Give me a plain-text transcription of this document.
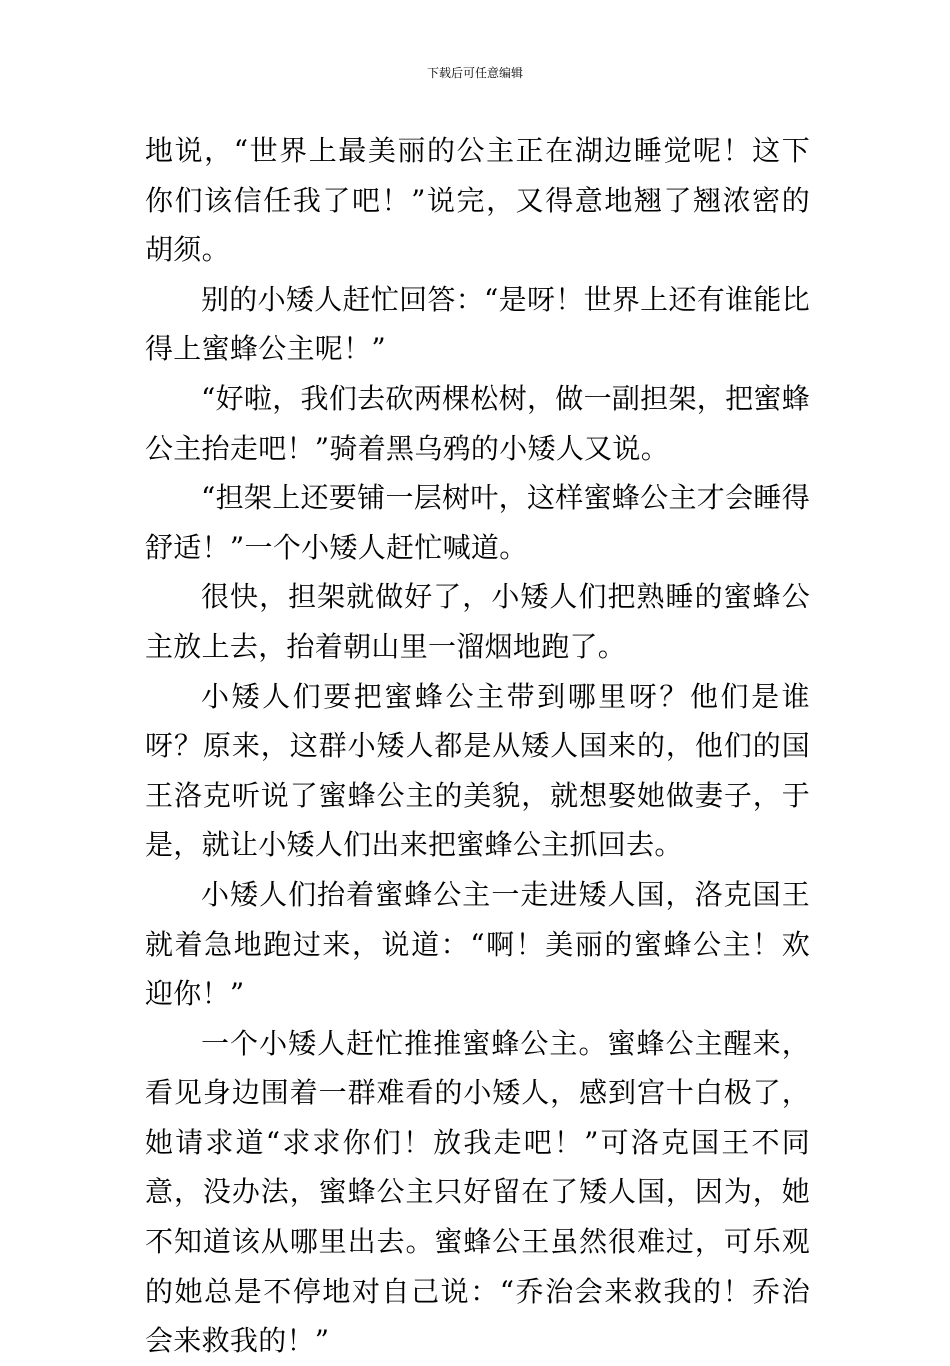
下载后可任意编辑

地说，“世界上最美丽的公主正在湖边睡觉呢！这下你们该信任我了吧！”说完，又得意地翘了翘浓密的胡须。

别的小矮人赶忙回答：“是呀！世界上还有谁能比得上蜜蜂公主呢！”

“好啦，我们去砍两棵松树，做一副担架，把蜜蜂公主抬走吧！”骑着黑乌鸦的小矮人又说。

“担架上还要铺一层树叶，这样蜜蜂公主才会睡得舒适！”一个小矮人赶忙喊道。

很快，担架就做好了，小矮人们把熟睡的蜜蜂公主放上去，抬着朝山里一溜烟地跑了。

小矮人们要把蜜蜂公主带到哪里呀？他们是谁呀？原来，这群小矮人都是从矮人国来的，他们的国王洛克听说了蜜蜂公主的美貌，就想娶她做妻子，于是，就让小矮人们出来把蜜蜂公主抓回去。

小矮人们抬着蜜蜂公主一走进矮人国，洛克国王就着急地跑过来，说道：“啊！美丽的蜜蜂公主！欢迎你！”

一个小矮人赶忙推推蜜蜂公主。蜜蜂公主醒来，看见身边围着一群难看的小矮人，感到宫十白极了，她请求道“求求你们！放我走吧！”可洛克国王不同意，没办法，蜜蜂公主只好留在了矮人国，因为，她不知道该从哪里出去。蜜蜂公王虽然很难过，可乐观的她总是不停地对自己说：“乔治会来救我的！乔治会来救我的！”
